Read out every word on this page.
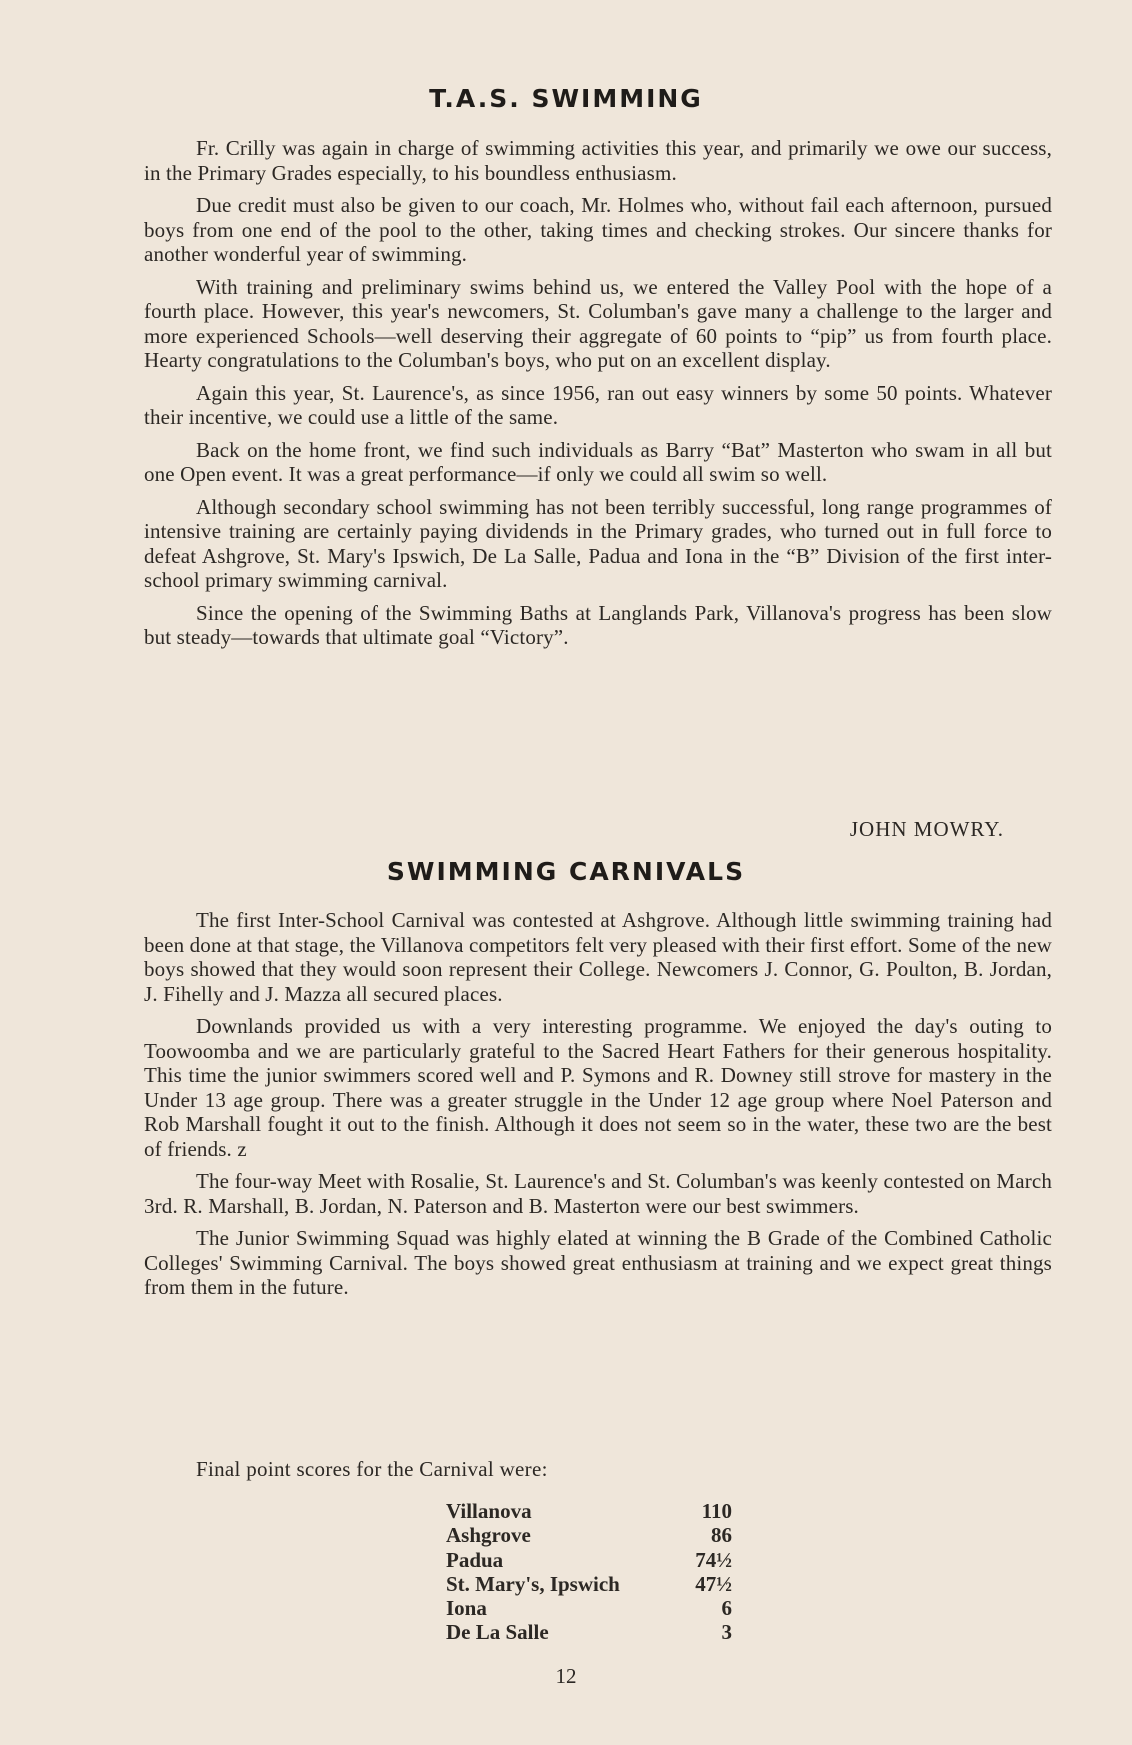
T.A.S. SWIMMING

Fr. Crilly was again in charge of swimming activities this year, and primarily we owe our success, in the Primary Grades especially, to his boundless enthusiasm.

Due credit must also be given to our coach, Mr. Holmes who, without fail each afternoon, pursued boys from one end of the pool to the other, taking times and checking strokes. Our sincere thanks for another wonderful year of swimming.

With training and preliminary swims behind us, we entered the Valley Pool with the hope of a fourth place. However, this year's newcomers, St. Columban's gave many a challenge to the larger and more experienced Schools—well deserving their aggregate of 60 points to “pip” us from fourth place. Hearty congratulations to the Columban's boys, who put on an excellent display.

Again this year, St. Laurence's, as since 1956, ran out easy winners by some 50 points. Whatever their incentive, we could use a little of the same.

Back on the home front, we find such individuals as Barry “Bat” Masterton who swam in all but one Open event. It was a great performance—if only we could all swim so well.

Although secondary school swimming has not been terribly successful, long range programmes of intensive training are certainly paying dividends in the Primary grades, who turned out in full force to defeat Ashgrove, St. Mary's Ipswich, De La Salle, Padua and Iona in the “B” Division of the first inter-school primary swimming carnival.

Since the opening of the Swimming Baths at Langlands Park, Villanova's progress has been slow but steady—towards that ultimate goal “Victory”.

JOHN MOWRY.
SWIMMING CARNIVALS

The first Inter-School Carnival was contested at Ashgrove. Although little swimming training had been done at that stage, the Villanova competitors felt very pleased with their first effort. Some of the new boys showed that they would soon represent their College. Newcomers J. Connor, G. Poulton, B. Jordan, J. Fihelly and J. Mazza all secured places.

Downlands provided us with a very interesting programme. We enjoyed the day's outing to Toowoomba and we are particularly grateful to the Sacred Heart Fathers for their generous hospitality. This time the junior swimmers scored well and P. Symons and R. Downey still strove for mastery in the Under 13 age group. There was a greater struggle in the Under 12 age group where Noel Paterson and Rob Marshall fought it out to the finish. Although it does not seem so in the water, these two are the best of friends. z

The four-way Meet with Rosalie, St. Laurence's and St. Columban's was keenly contested on March 3rd. R. Marshall, B. Jordan, N. Paterson and B. Masterton were our best swimmers.

The Junior Swimming Squad was highly elated at winning the B Grade of the Combined Catholic Colleges' Swimming Carnival. The boys showed great enthusiasm at training and we expect great things from them in the future.

Final point scores for the Carnival were:
Villanova	110
Ashgrove	86
Padua	74½
St. Mary's, Ipswich	47½
Iona	6
De La Salle	3
12
